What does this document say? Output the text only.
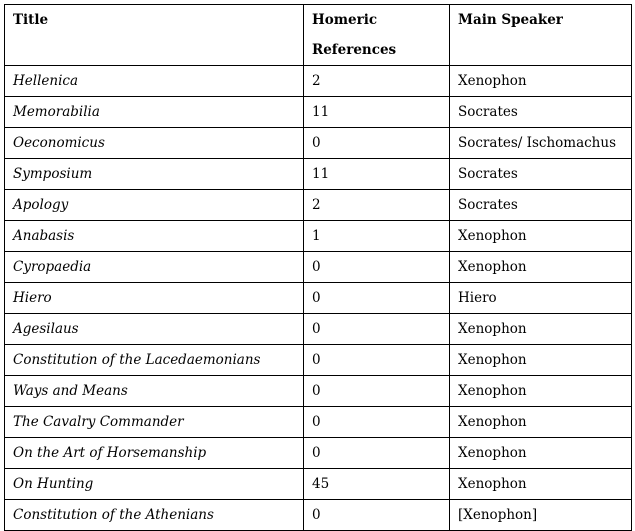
Title	Homeric References	Main Speaker
Hellenica	2	Xenophon
Memorabilia	11	Socrates
Oeconomicus	0	Socrates/ Ischomachus
Symposium	11	Socrates
Apology	2	Socrates
Anabasis	1	Xenophon
Cyropaedia	0	Xenophon
Hiero	0	Hiero
Agesilaus	0	Xenophon
Constitution of the Lacedaemonians	0	Xenophon
Ways and Means	0	Xenophon
The Cavalry Commander	0	Xenophon
On the Art of Horsemanship	0	Xenophon
On Hunting	45	Xenophon
Constitution of the Athenians	0	[Xenophon]
